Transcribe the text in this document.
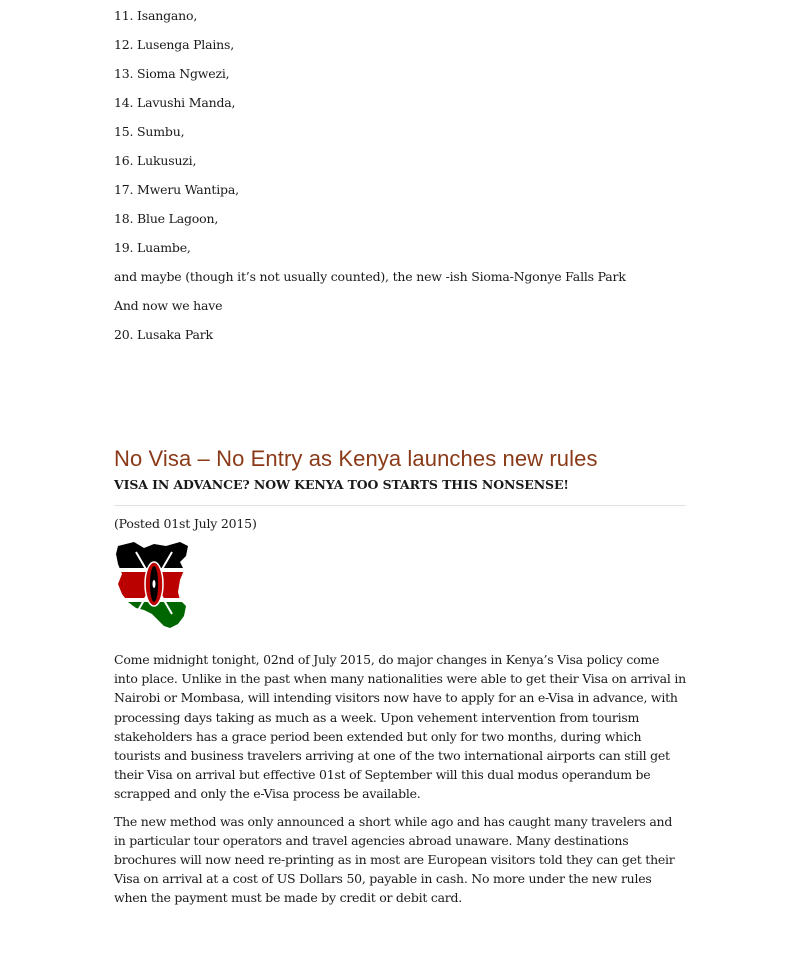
11. Isangano,
12. Lusenga Plains,
13. Sioma Ngwezi,
14. Lavushi Manda,
15. Sumbu,
16. Lukusuzi,
17. Mweru Wantipa,
18. Blue Lagoon,
19. Luambe,
and maybe (though it’s not usually counted), the new -ish Sioma-Ngonye Falls Park
And now we have
20. Lusaka Park
No Visa – No Entry as Kenya launches new rules
VISA IN ADVANCE? NOW KENYA TOO STARTS THIS NONSENSE!
(Posted 01st July 2015)

Come midnight tonight, 02nd of July 2015, do major changes in Kenya’s Visa policy come into place. Unlike in the past when many nationalities were able to get their Visa on arrival in Nairobi or Mombasa, will intending visitors now have to apply for an e-Visa in advance, with processing days taking as much as a week. Upon vehement intervention from tourism stakeholders has a grace period been extended but only for two months, during which tourists and business travelers arriving at one of the two international airports can still get their Visa on arrival but effective 01st of September will this dual modus operandum be scrapped and only the e-Visa process be available.

The new method was only announced a short while ago and has caught many travelers and in particular tour operators and travel agencies abroad unaware. Many destinations brochures will now need re-printing as in most are European visitors told they can get their Visa on arrival at a cost of US Dollars 50, payable in cash. No more under the new rules when the payment must be made by credit or debit card.
